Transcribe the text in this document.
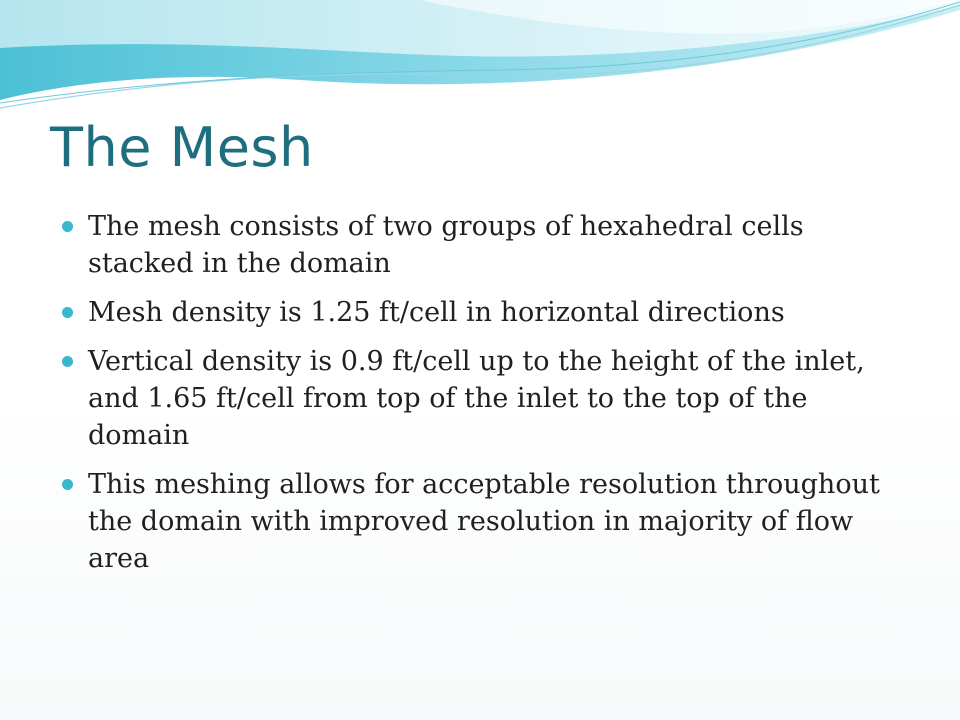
The Mesh
The mesh consists of two groups of hexahedral cells stacked in the domain
Mesh density is 1.25 ft/cell in horizontal directions
Vertical density is 0.9 ft/cell up to the height of the inlet, and 1.65 ft/cell from top of the inlet to the top of the domain
This meshing allows for acceptable resolution throughout the domain with improved resolution in majority of flow area
